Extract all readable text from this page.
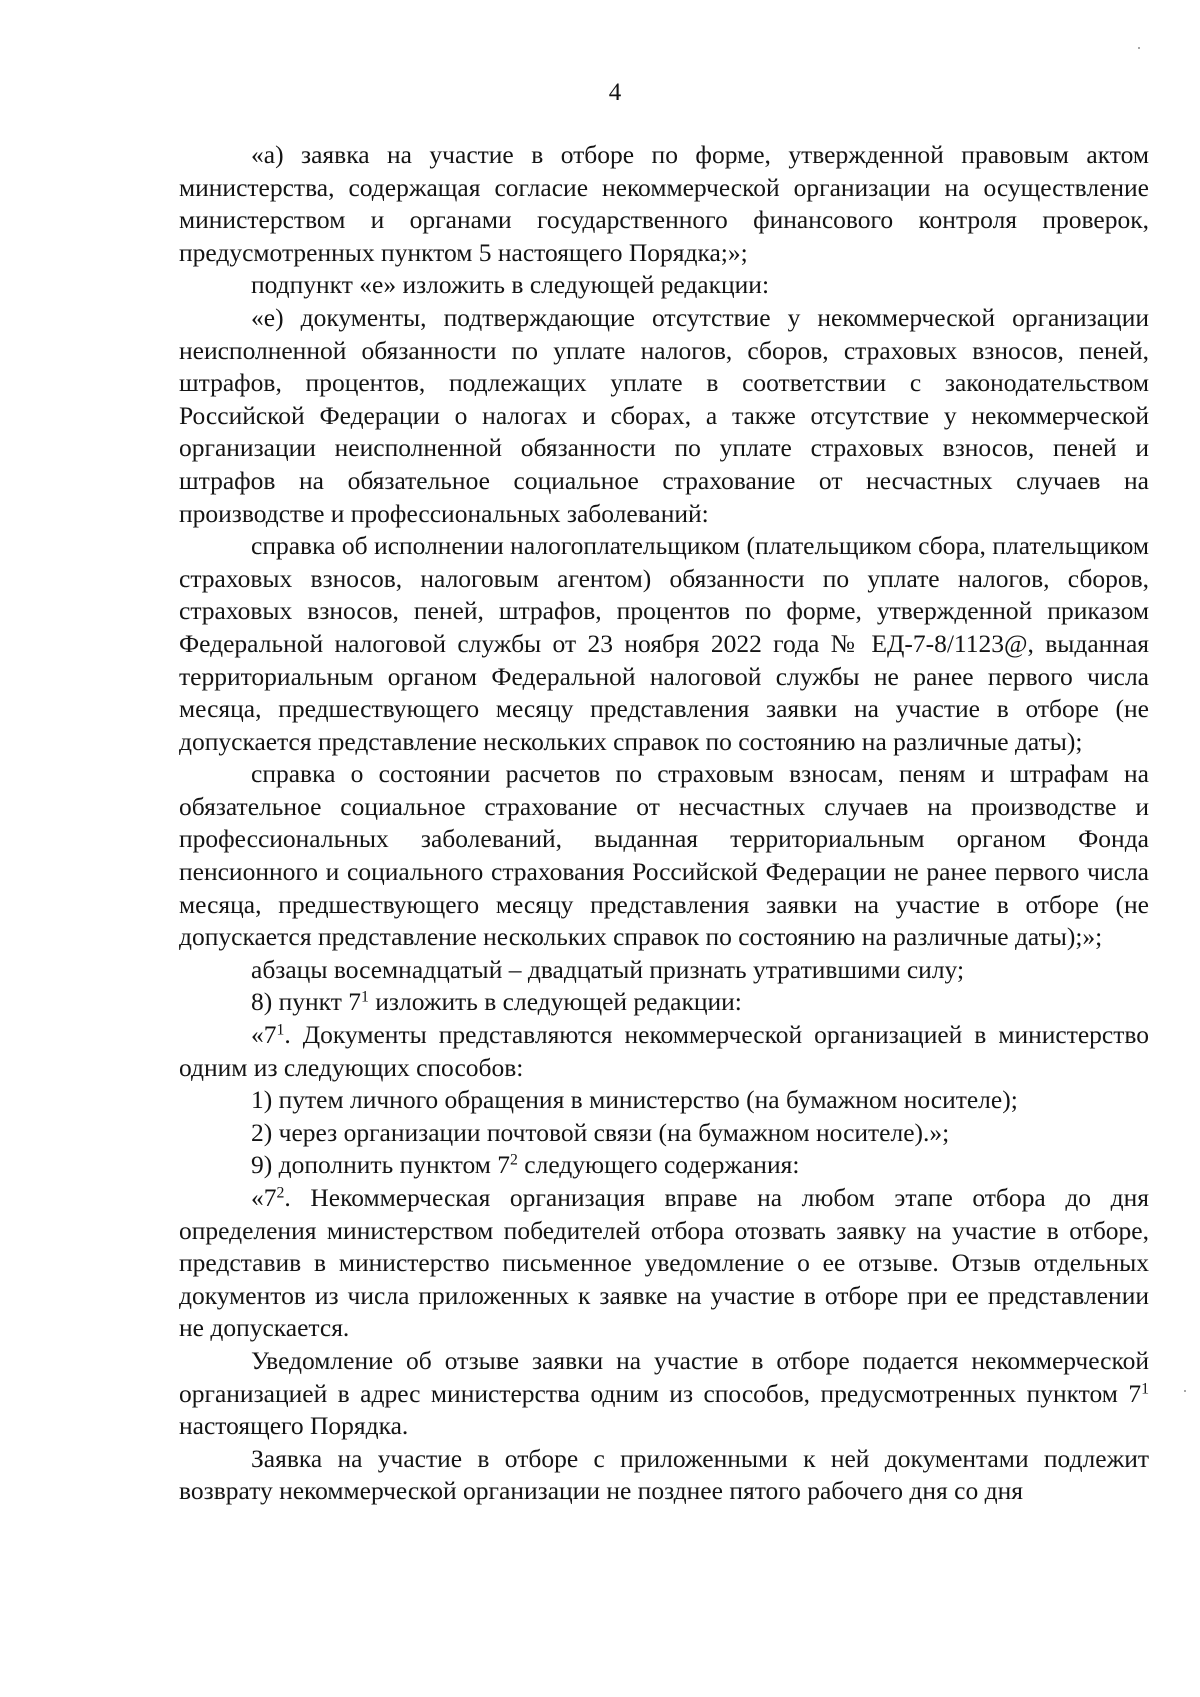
4

«а) заявка на участие в отборе по форме, утвержденной правовым актом министерства, содержащая согласие некоммерческой организации на осуществление министерством и органами государственного финансового контроля проверок, предусмотренных пунктом 5 настоящего Порядка;»;

подпункт «е» изложить в следующей редакции:

«е) документы, подтверждающие отсутствие у некоммерческой организации неисполненной обязанности по уплате налогов, сборов, страховых взносов, пеней, штрафов, процентов, подлежащих уплате в соответствии с законодательством Российской Федерации о налогах и сборах, а также отсутствие у некоммерческой организации неисполненной обязанности по уплате страховых взносов, пеней и штрафов на обязательное социальное страхование от несчастных случаев на производстве и профессиональных заболеваний:

справка об исполнении налогоплательщиком (плательщиком сбора, плательщиком страховых взносов, налоговым агентом) обязанности по уплате налогов, сборов, страховых взносов, пеней, штрафов, процентов по форме, утвержденной приказом Федеральной налоговой службы от 23 ноября 2022 года № ЕД-7-8/1123@, выданная территориальным органом Федеральной налоговой службы не ранее первого числа месяца, предшествующего месяцу представления заявки на участие в отборе (не допускается представление нескольких справок по состоянию на различные даты);

справка о состоянии расчетов по страховым взносам, пеням и штрафам на обязательное социальное страхование от несчастных случаев на производстве и профессиональных заболеваний, выданная территориальным органом Фонда пенсионного и социального страхования Российской Федерации не ранее первого числа месяца, предшествующего месяцу представления заявки на участие в отборе (не допускается представление нескольких справок по состоянию на различные даты);»;

абзацы восемнадцатый – двадцатый признать утратившими силу;

8) пункт $7^1$ изложить в следующей редакции:

«$7^1$. Документы представляются некоммерческой организацией в министерство одним из следующих способов:

1) путем личного обращения в министерство (на бумажном носителе);

2) через организации почтовой связи (на бумажном носителе).»;

9) дополнить пунктом $7^2$ следующего содержания:

«$7^2$. Некоммерческая организация вправе на любом этапе отбора до дня определения министерством победителей отбора отозвать заявку на участие в отборе, представив в министерство письменное уведомление о ее отзыве. Отзыв отдельных документов из числа приложенных к заявке на участие в отборе при ее представлении не допускается.

Уведомление об отзыве заявки на участие в отборе подается некоммерческой организацией в адрес министерства одним из способов, предусмотренных пунктом $7^1$ настоящего Порядка.

Заявка на участие в отборе с приложенными к ней документами подлежит возврату некоммерческой организации не позднее пятого рабочего дня со дня
